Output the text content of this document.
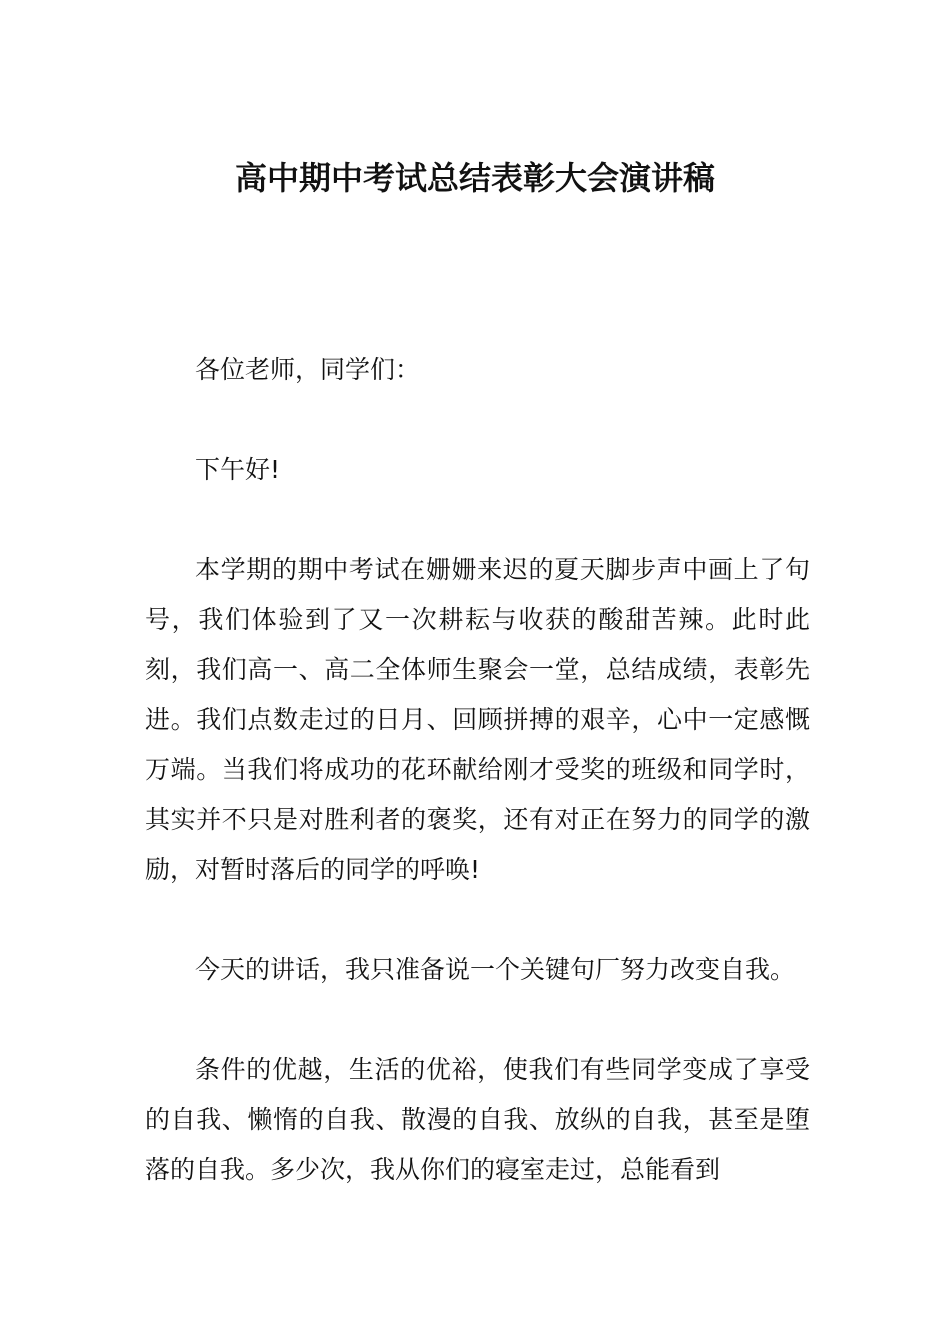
高中期中考试总结表彰大会演讲稿

各位老师，同学们：

下午好!

本学期的期中考试在姗姗来迟的夏天脚步声中画上了句号，我们体验到了又一次耕耘与收获的酸甜苦辣。此时此刻，我们高一、高二全体师生聚会一堂，总结成绩，表彰先进。我们点数走过的日月、回顾拼搏的艰辛，心中一定感慨万端。当我们将成功的花环献给刚才受奖的班级和同学时，其实并不只是对胜利者的褒奖，还有对正在努力的同学的激励，对暂时落后的同学的呼唤!

今天的讲话，我只准备说一个关键句厂努力改变自我。

条件的优越，生活的优裕，使我们有些同学变成了享受的自我、懒惰的自我、散漫的自我、放纵的自我，甚至是堕落的自我。多少次，我从你们的寝室走过，总能看到
